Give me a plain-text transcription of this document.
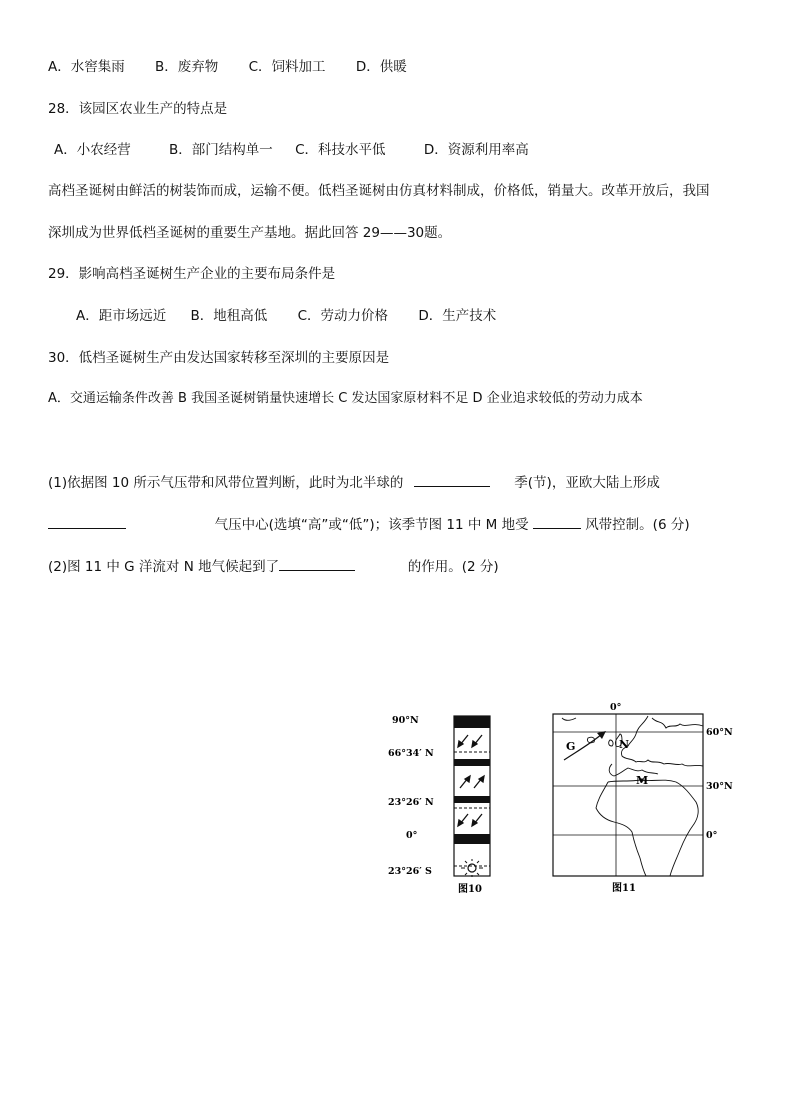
A．水窖集雨 B．废弃物 C．饲料加工 D．供暖
28．该园区农业生产的特点是
A．小农经营	B．部门结构单一 C．科技水平低	D．资源利用率高
高档圣诞树由鲜活的树装饰而成，运输不便。低档圣诞树由仿真材料制成，价格低，销量大。改革开放后，我国
深圳成为世界低档圣诞树的重要生产基地。据此回答 29——30题。
29．影响高档圣诞树生产企业的主要布局条件是
A．距市场远近 B．地租高低 C．劳动力价格 D．生产技术
30．低档圣诞树生产由发达国家转移至深圳的主要原因是
A．交通运输条件改善 B 我国圣诞树销量快速增长 C 发达国家原材料不足 D 企业追求较低的劳动力成本
(1)依据图 10 所示气压带和风带位置判断，此时为北半球的	季(节)，亚欧大陆上形成
气压中心(选填“高”或“低”)；该季节图 11 中 M 地受	风带控制。(6 分)
(2)图 11 中 G 洋流对 N 地气候起到了	的作用。(2 分)
90°N
66°34′ N
23°26′ N
0°
23°26′ S
图10
G	N
M
0°
60°N
30°N
0°
图11
